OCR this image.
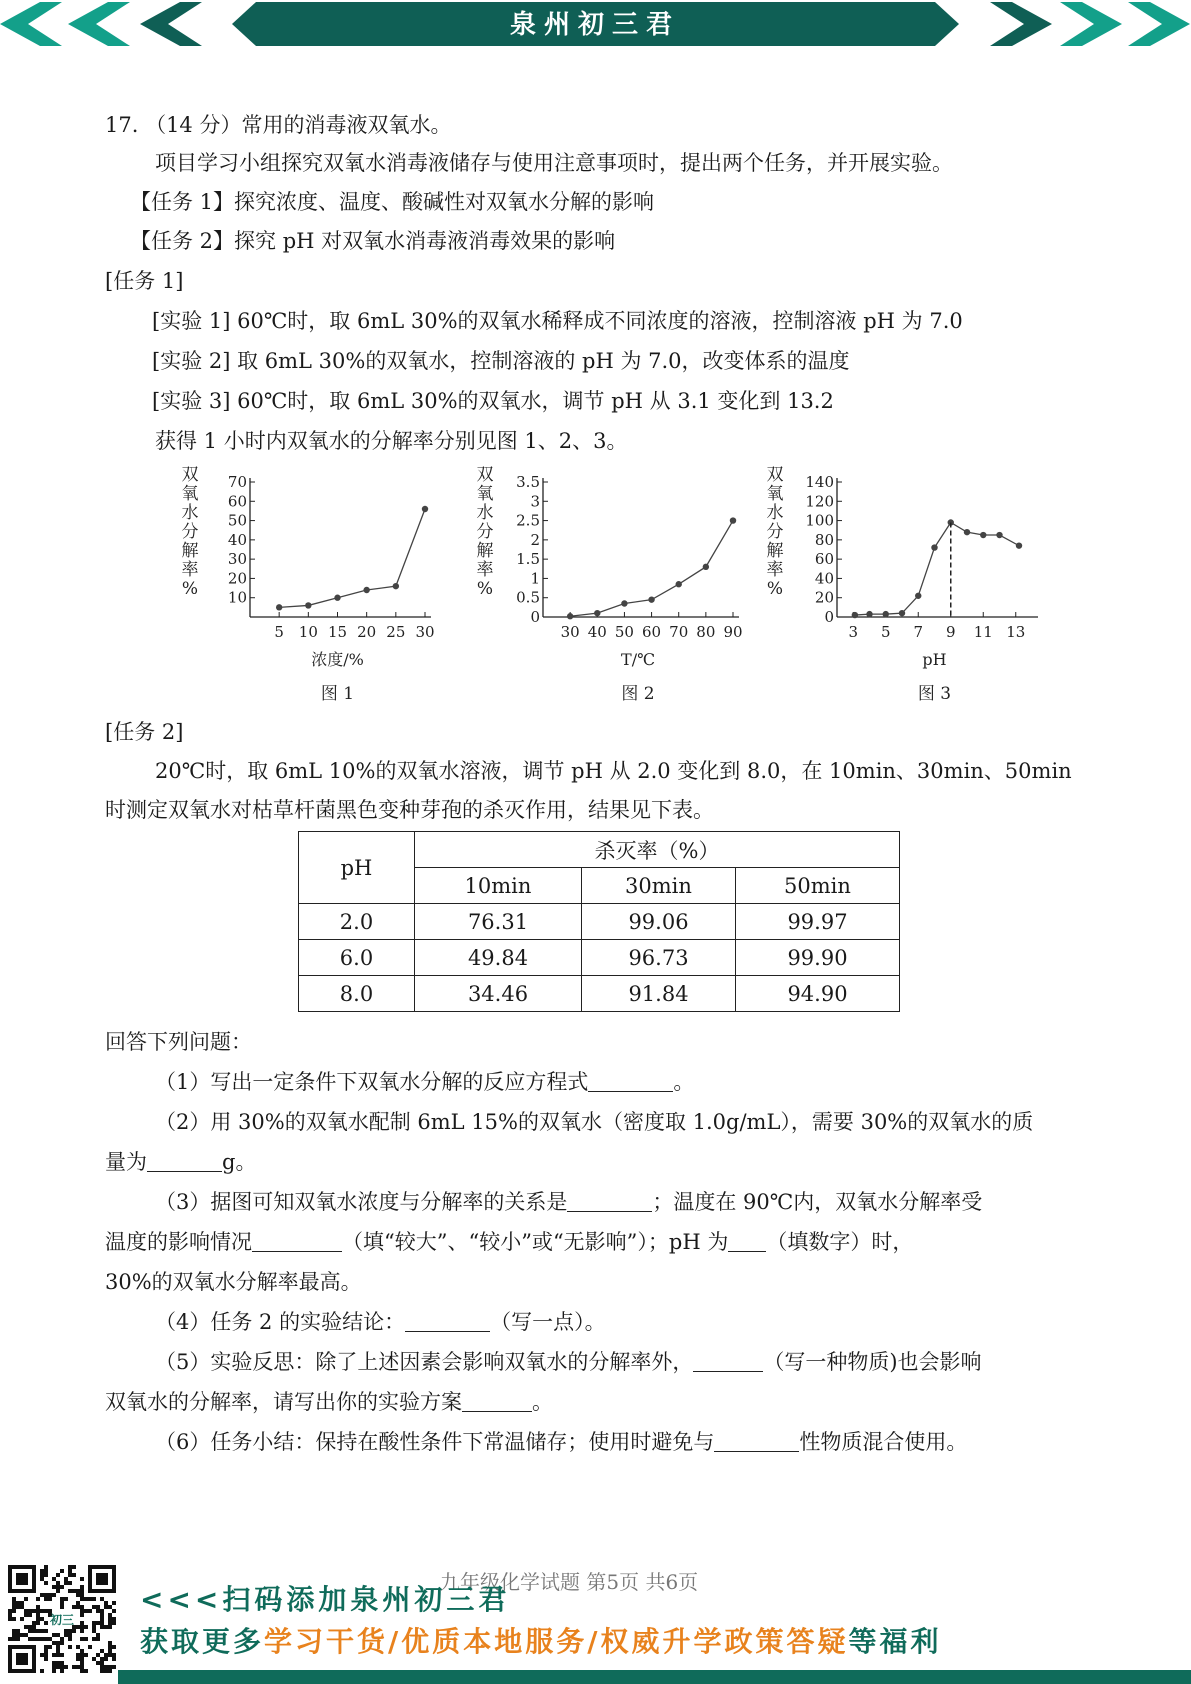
泉州初三君
17. （14 分）常用的消毒液双氧水。
项目学习小组探究双氧水消毒液储存与使用注意事项时，提出两个任务，并开展实验。
【任务 1】探究浓度、温度、酸碱性对双氧水分解的影响
【任务 2】探究 pH 对双氧水消毒液消毒效果的影响
[任务 1]
[实验 1] 60℃时，取 6mL 30%的双氧水稀释成不同浓度的溶液，控制溶液 pH 为 7.0
[实验 2] 取 6mL 30%的双氧水，控制溶液的 pH 为 7.0，改变体系的温度
[实验 3] 60℃时，取 6mL 30%的双氧水，调节 pH 从 3.1 变化到 13.2
获得 1 小时内双氧水的分解率分别见图 1、2、3。
10
20
30
40
50
60
70
5 10 15 20 25 30
双
氧
水
分
解
率
%
浓度/%
图 1
0
0.5
1
1.5
2
2.5
3
3.5
30 40 50 60 70 80 90
双
氧
水
分
解
率
%
T/℃
图 2
0
20
40
60
80
100
120
140
3 5 7 9 11 13
双
氧
水
分
解
率
%
pH
图 3
[任务 2]
20℃时，取 6mL 10%的双氧水溶液，调节 pH 从 2.0 变化到 8.0，在 10min、30min、50min
时测定双氧水对枯草杆菌黑色变种芽孢的杀灭作用，结果见下表。
pH	杀灭率（%）		
	10min	30min	50min
2.0	76.31	99.06	99.97
6.0	49.84	96.73	99.90
8.0	34.46	91.84	94.90
回答下列问题：
（1）写出一定条件下双氧水分解的反应方程式	。
（2）用 30%的双氧水配制 6mL 15%的双氧水（密度取 1.0g/mL），需要 30%的双氧水的质
量为	g。
（3）据图可知双氧水浓度与分解率的关系是	；温度在 90℃内，双氧水分解率受
温度的影响情况	（填“较大”、“较小”或“无影响”）；pH 为 （填数字）时，
30%的双氧水分解率最高。
（4）任务 2 的实验结论：	（写一点）。
（5）实验反思：除了上述因素会影响双氧水的分解率外，	（写一种物质)也会影响
双氧水的分解率，请写出你的实验方案	。
（6）任务小结：保持在酸性条件下常温储存；使用时避免与	性物质混合使用。
九年级化学试题 第5页 共6页
初三
<<<扫码添加泉州初三君
获取更多学习干货/优质本地服务/权威升学政策答疑等福利
